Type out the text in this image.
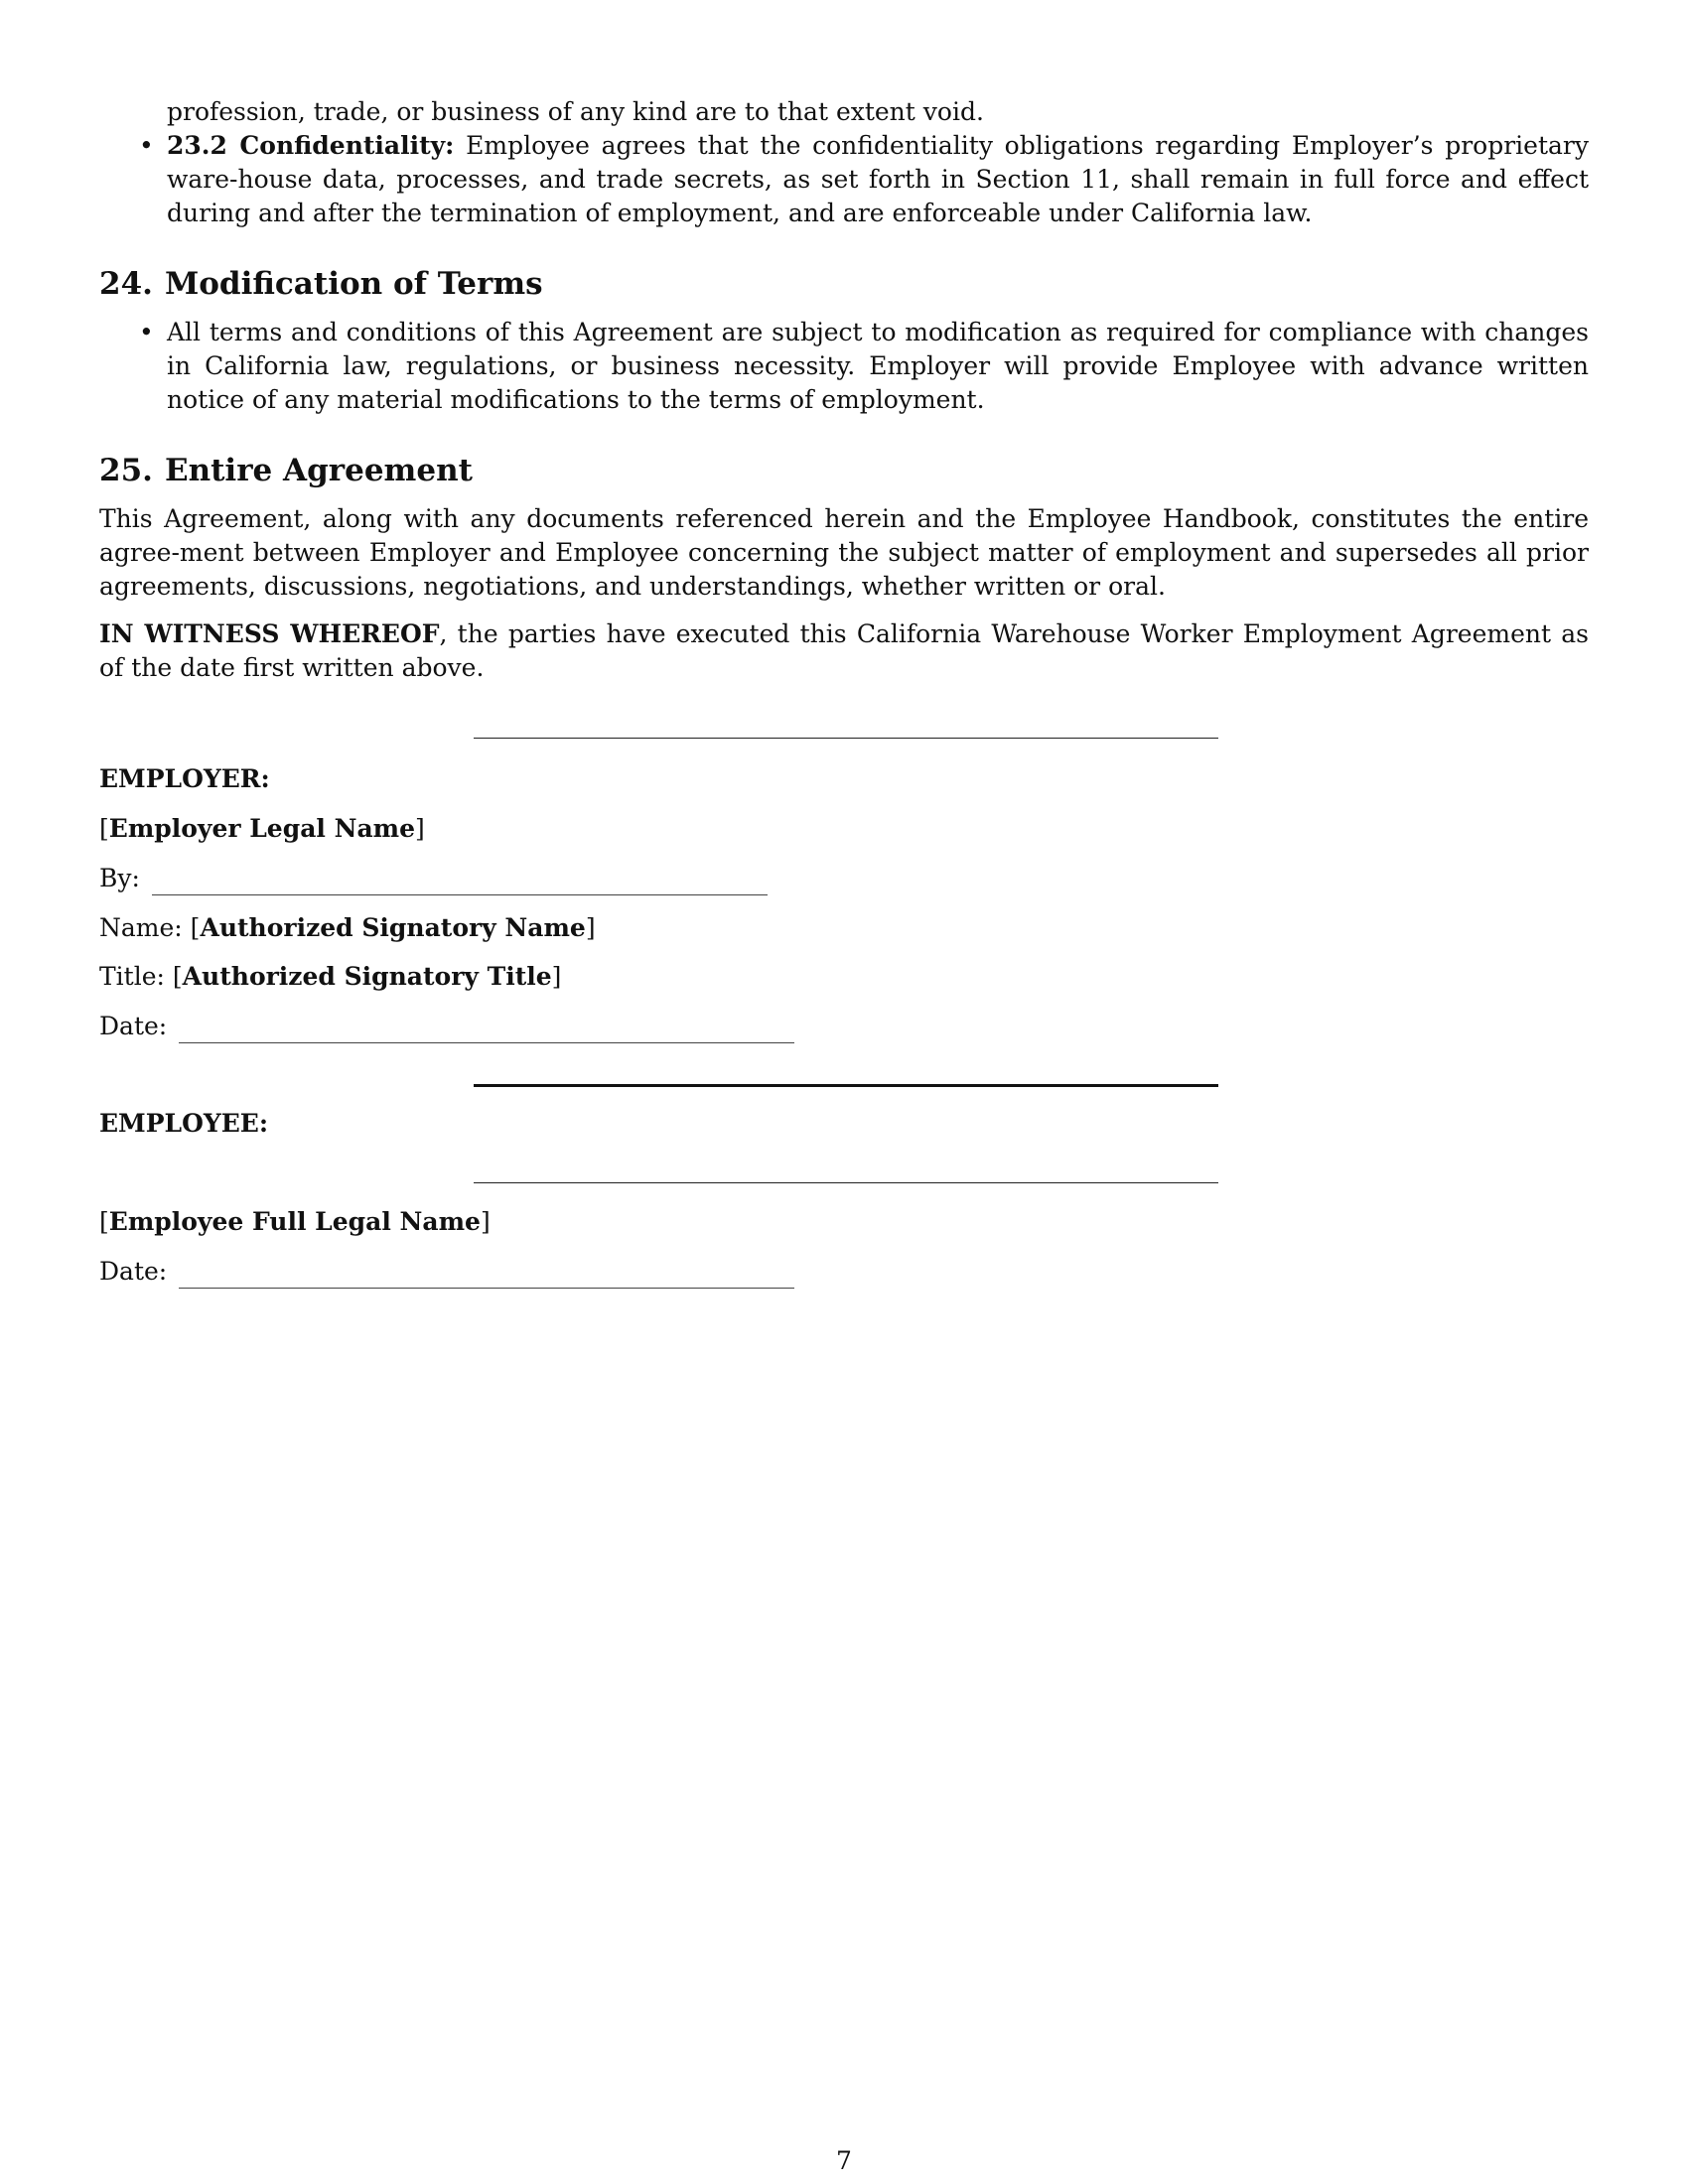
profession, trade, or business of any kind are to that extent void.

• 23.2 Confidentiality: Employee agrees that the confidentiality obligations regarding Employer’s proprietary ware-house data, processes, and trade secrets, as set forth in Section 11, shall remain in full force and effect during and after the termination of employment, and are enforceable under California law.
24. Modification of Terms
• All terms and conditions of this Agreement are subject to modification as required for compliance with changes in California law, regulations, or business necessity. Employer will provide Employee with advance written notice of any material modifications to the terms of employment.
25. Entire Agreement

This Agreement, along with any documents referenced herein and the Employee Handbook, constitutes the entire agree-ment between Employer and Employee concerning the subject matter of employment and supersedes all prior agreements, discussions, negotiations, and understandings, whether written or oral.

IN WITNESS WHEREOF, the parties have executed this California Warehouse Worker Employment Agreement as of the date first written above.

EMPLOYER:
[Employer Legal Name]
By:
Name: [Authorized Signatory Name]
Title: [Authorized Signatory Title]
Date:
EMPLOYEE:
[Employee Full Legal Name]
Date:
7
